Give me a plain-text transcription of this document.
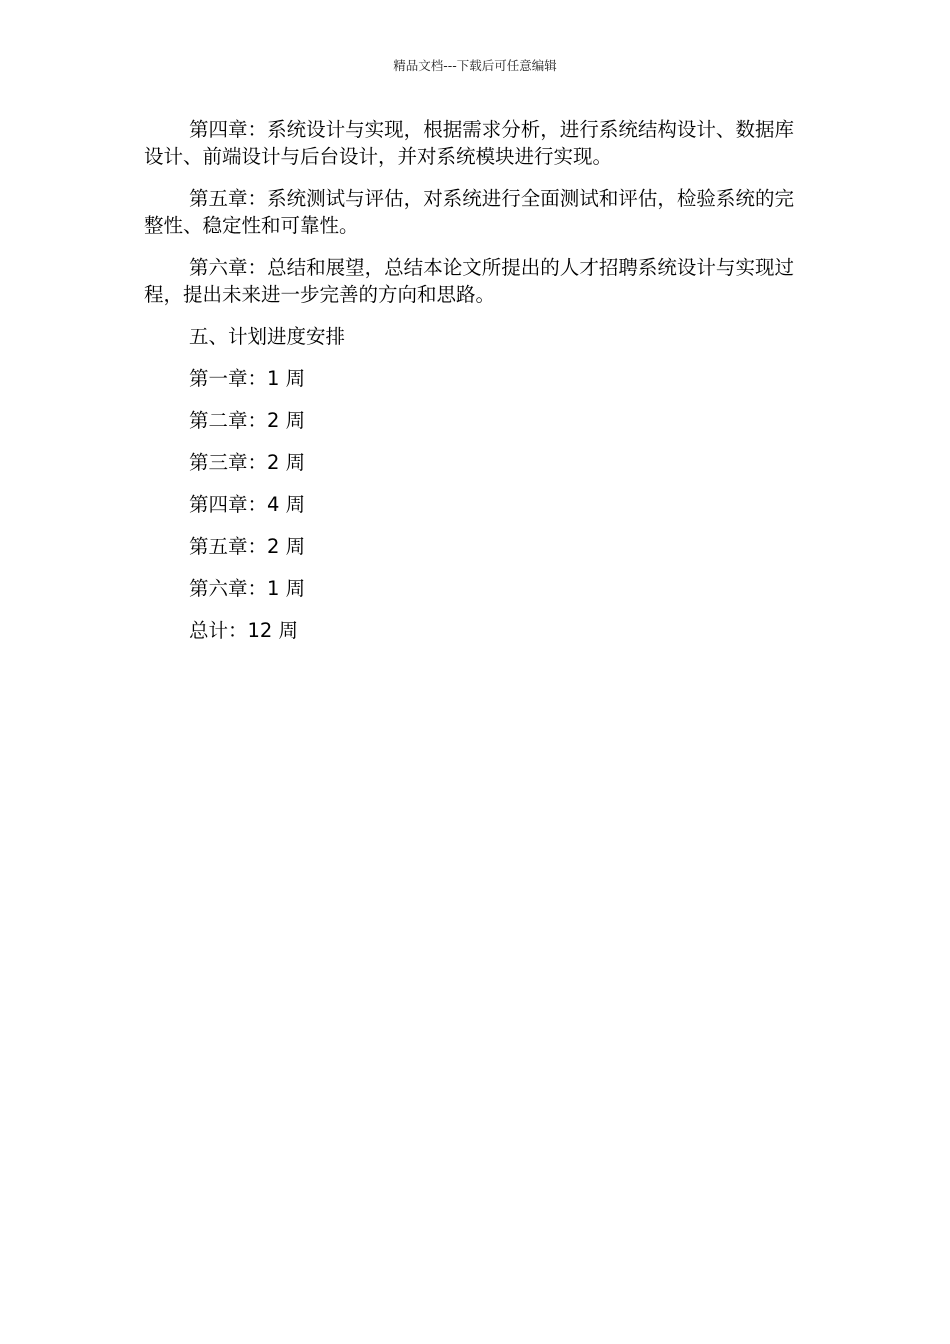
精品文档---下载后可任意编辑

第四章：系统设计与实现，根据需求分析，进行系统结构设计、数据库设计、前端设计与后台设计，并对系统模块进行实现。

第五章：系统测试与评估，对系统进行全面测试和评估，检验系统的完整性、稳定性和可靠性。

第六章：总结和展望，总结本论文所提出的人才招聘系统设计与实现过程，提出未来进一步完善的方向和思路。

五、计划进度安排

第一章：1 周

第二章：2 周

第三章：2 周

第四章：4 周

第五章：2 周

第六章：1 周

总计：12 周
